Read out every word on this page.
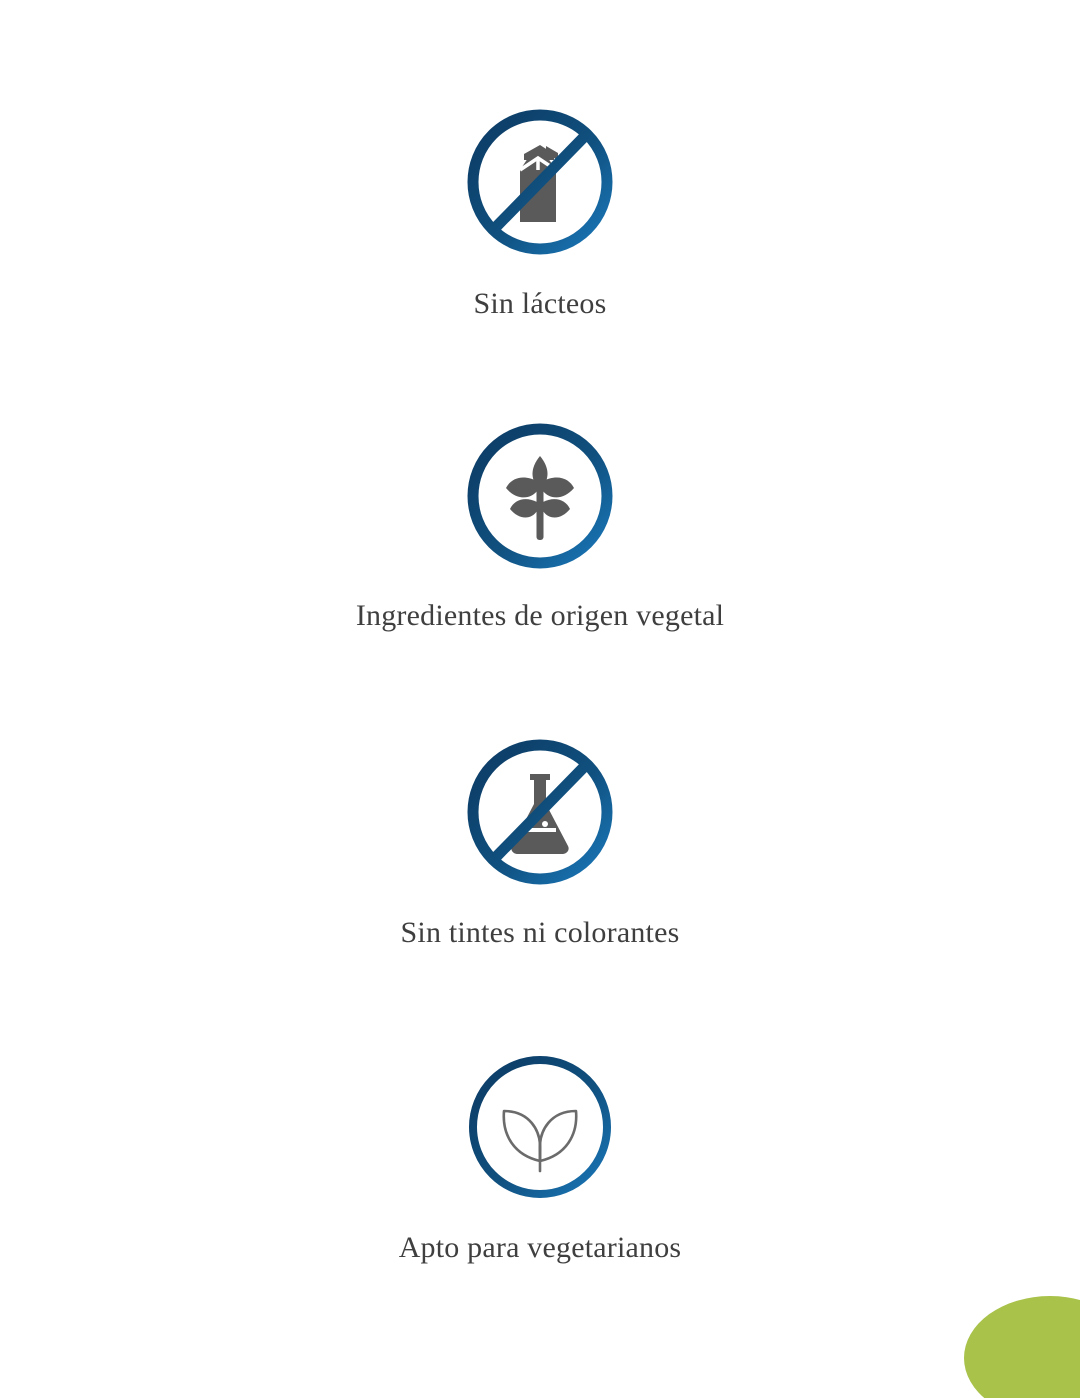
Sin lácteos
Ingredientes de origen vegetal
Sin tintes ni colorantes
Apto para vegetarianos
